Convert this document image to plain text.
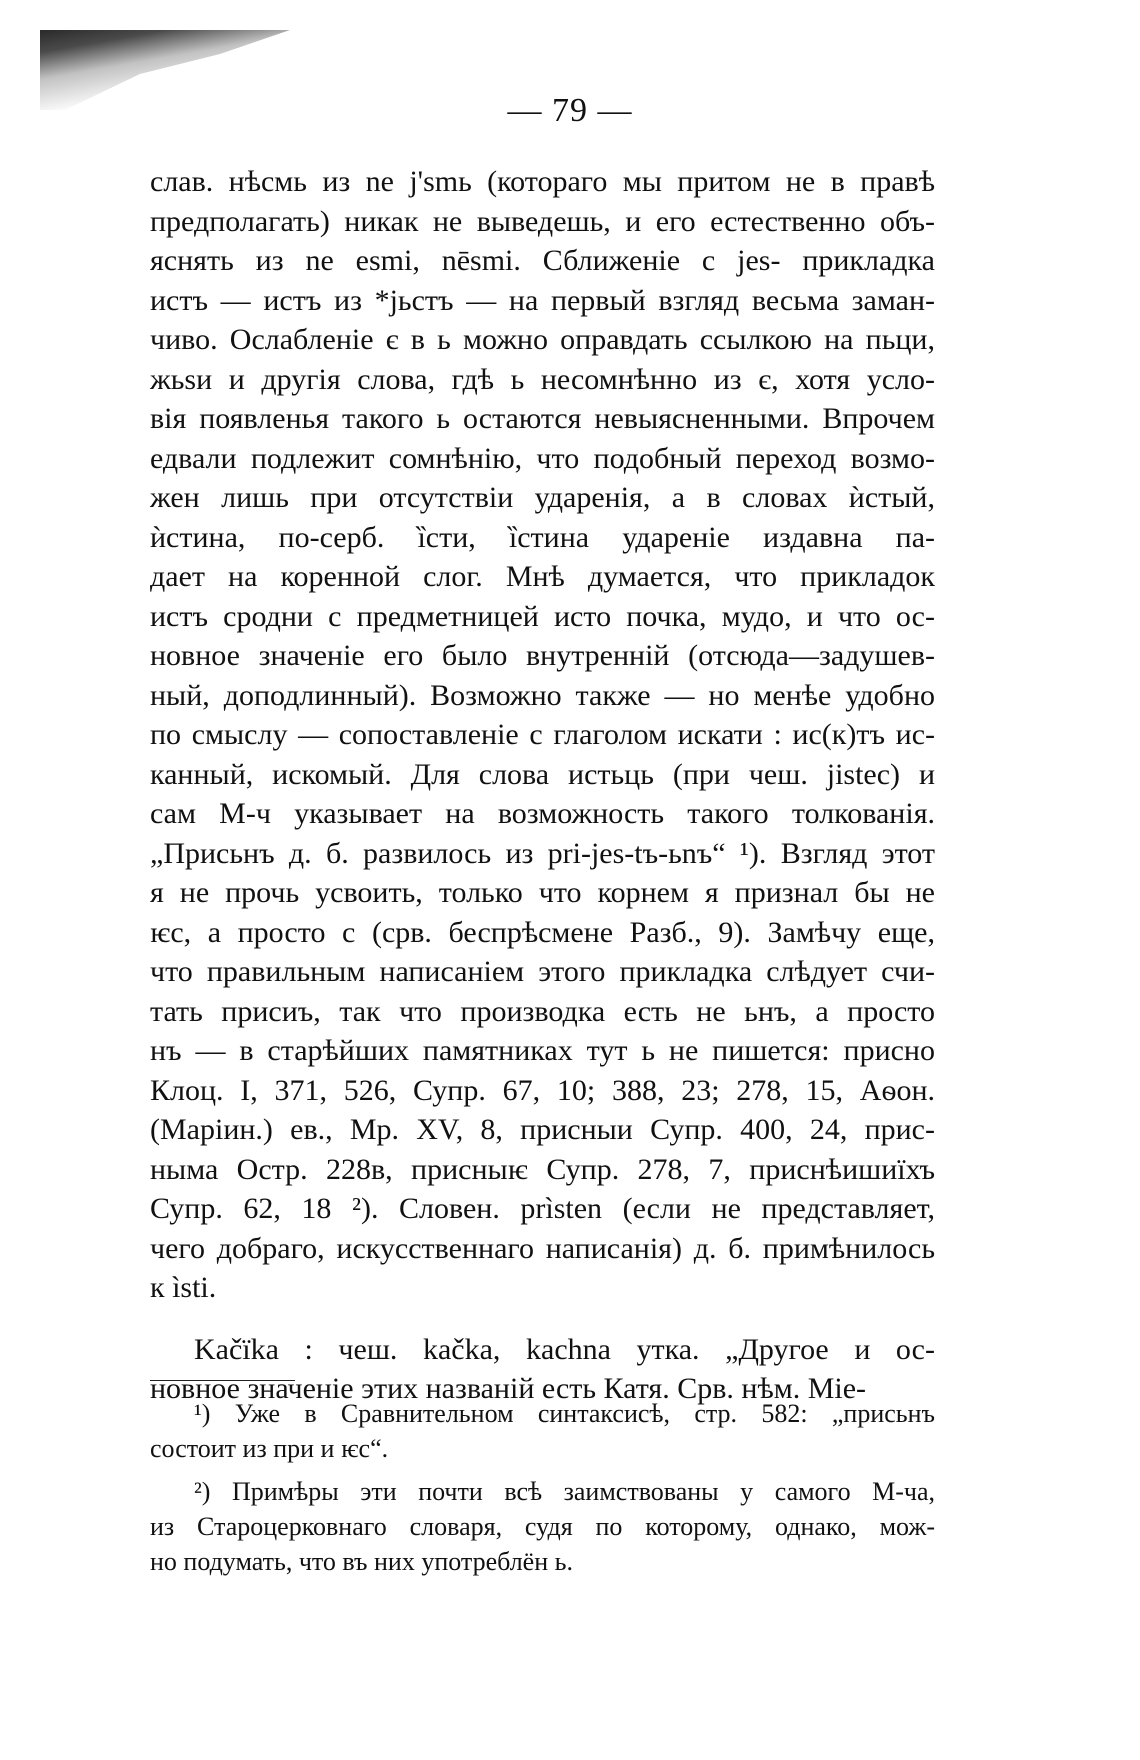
— 79 —
слав. нѣсмь из ne j'smь (котораго мы притом не в правѣ
предполагать) никак не выведешь, и его естественно объ-
яснять из ne esmi, nēsmi. Сближеніе с jes- прикладка
истъ — истъ из *jьстъ — на первый взгляд весьма заман-
чиво. Ослабленіе є в ь можно оправдать ссылкою на пьци,
жьѕи и другія слова, гдѣ ь несомнѣнно из є, хотя усло-
вія появленья такого ь остаются невыясненными. Впрочем
едвали подлежит сомнѣнію, что подобный переход возмо-
жен лишь при отсутствіи ударенія, а в словах ѝстый,
ѝстина, по-серб. ȉсти, ȉстина удареніе издавна па-
дает на коренной слог. Мнѣ думается, что прикладок
истъ сродни с предметницей исто почка, мудо, и что ос-
новное значеніе его было внутренній (отсюда—задушев-
ный, доподлинный). Возможно также — но менѣе удобно
по смыслу — сопоставленіе с глаголом искати : ис(к)тъ ис-
канный, искомый. Для слова истьць (при чеш. jistec) и
сам М-ч указывает на возможность такого толкованія.
„Присьнъ д. б. развилось из pri-jes-tъ-ьnъ“ ¹). Взгляд этот
я не прочь усвоить, только что корнем я признал бы не
ѥс, а просто с (срв. беспрѣсмене Разб., 9). Замѣчу еще,
что правильным написаніем этого прикладка слѣдует счи-
тать присиъ, так что производка есть не ьнъ, а просто
нъ — в старѣйших памятниках тут ь не пишется: присно
Клоц. I, 371, 526, Супр. 67, 10; 388, 23; 278, 15, Аѳон.
(Маріин.) ев., Мр. XV, 8, присныи Супр. 400, 24, прис-
ныма Остр. 228в, присныѥ Супр. 278, 7, приснѣишиїхъ
Супр. 62, 18 ²). Словен. prìsten (если не представляет,
чего добраго, искусственнаго написанія) д. б. примѣнилось
к ìsti.
Kačїka : чеш. kačka, kachna утка. „Другое и ос-
новное значеніе этих названій есть Катя. Срв. нѣм. Mie-
¹) Уже в Сравнительном синтаксисѣ, стр. 582: „присьнъ
состоит из при и ѥс“.
²) Примѣры эти почти всѣ заимствованы у самого М-ча,
из Староцерковнаго словаря, судя по которому, однако, мож-
но подумать, что въ них употреблён ь.
